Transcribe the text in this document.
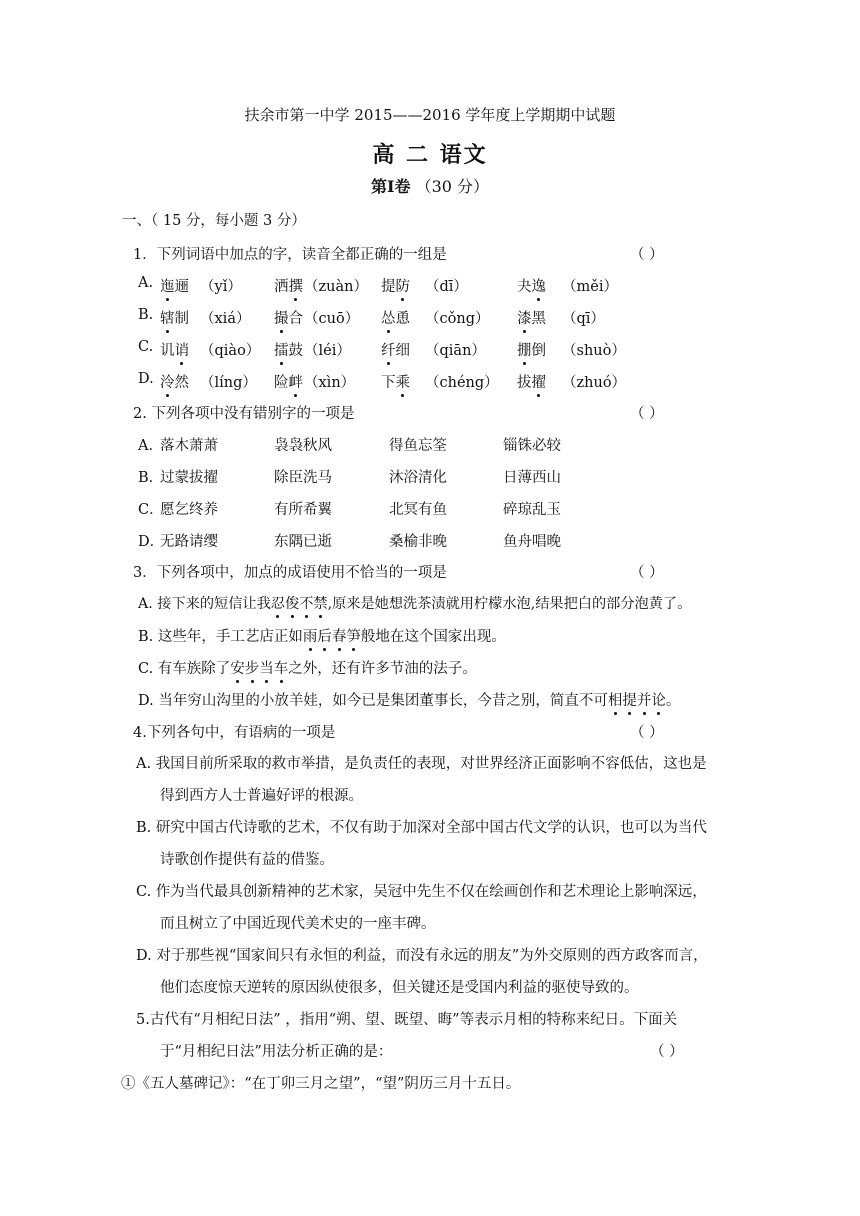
扶余市第一中学 2015——2016 学年度上学期期中试题
高 二 语文
第Ⅰ卷 （30 分）
一、（ 15 分，每小题 3 分）
1．下列词语中加点的字，读音全都正确的一组是	（ ）
A. 迤逦 （yǐ） 洒撰 （zuàn） 提防 （dī）	夬逸 （měi）
B. 辖制 （xiá） 撮合 （cuō） 怂恿 （cǒng） 漆黑 （qī）
C. 讥诮 （qiào） 擂鼓 （léi） 纤细 （qiān） 掤倒 （shuò）
D. 泠然 （líng） 险衅 （xìn） 下乘 （chéng） 拔擢 （zhuó）
2. 下列各项中没有错别字的一项是	（ ）
A．
落木萧萧	袅袅秋风	得鱼忘筌	锱铢必较
B．
过蒙拔擢	除臣洗马	沐浴清化	日薄西山
C．
愿乞终养	有所希翼	北冥有鱼	碎琼乱玉
D．
无路请缨	东隅已逝	桑榆非晚	鱼舟唱晚
3．下列各项中，加点的成语使用不恰当的一项是	（ ）
A. 接下来的短信让我忍俊不禁,原来是她想洗茶渍就用柠檬水泡,结果把白的部分泡黄了。
B. 这些年，手工艺店正如雨后春笋般地在这个国家出现。
C. 有车族除了安步当车之外，还有许多节油的法子。
D. 当年穷山沟里的小放羊娃，如今已是集团董事长，今昔之别，简直不可相提并论。
4.下列各句中，有语病的一项是	（ ）
A. 我国目前所采取的救市举措，是负责任的表现，对世界经济正面影响不容低估，这也是
得到西方人士普遍好评的根源。
B. 研究中国古代诗歌的艺术，不仅有助于加深对全部中国古代文学的认识，也可以为当代
诗歌创作提供有益的借鉴。
C. 作为当代最具创新精神的艺术家，吴冠中先生不仅在绘画创作和艺术理论上影响深远，
而且树立了中国近现代美术史的一座丰碑。
D. 对于那些视“国家间只有永恒的利益，而没有永远的朋友”为外交原则的西方政客而言，
他们态度惊天逆转的原因纵使很多，但关键还是受国内利益的驱使导致的。
5.古代有“月相纪日法” ，指用“朔、望、既望、晦”等表示月相的特称来纪日。下面关
于“月相纪日法”用法分析正确的是：	（ ）
①《五人墓碑记》：“在丁卯三月之望”，“望”阴历三月十五日。
